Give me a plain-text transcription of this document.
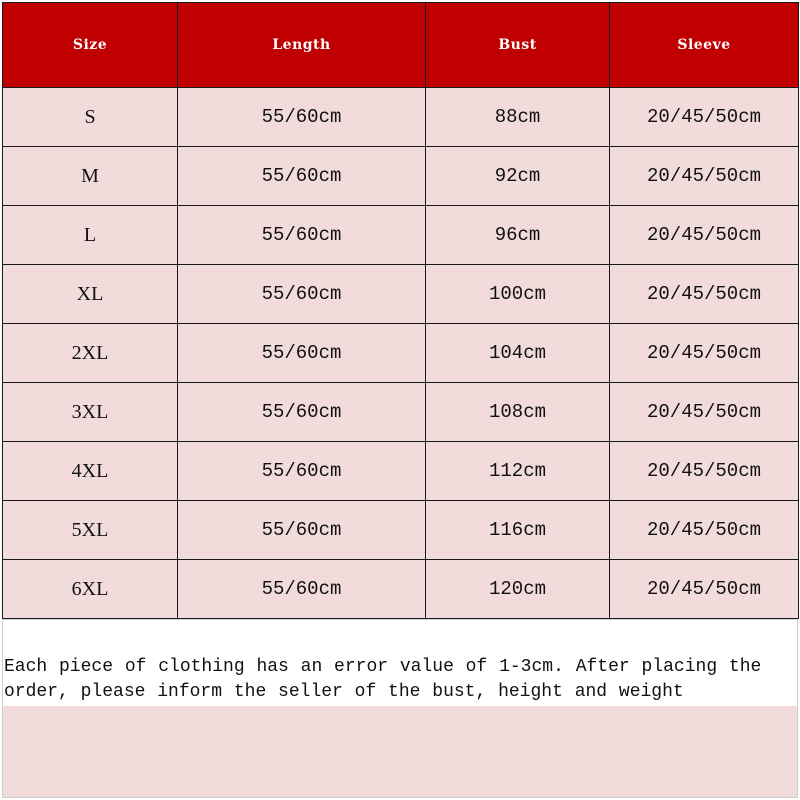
Size	Length	Bust	Sleeve
S	55/60cm	88cm	20/45/50cm
M	55/60cm	92cm	20/45/50cm
L	55/60cm	96cm	20/45/50cm
XL	55/60cm	100cm	20/45/50cm
2XL	55/60cm	104cm	20/45/50cm
3XL	55/60cm	108cm	20/45/50cm
4XL	55/60cm	112cm	20/45/50cm
5XL	55/60cm	116cm	20/45/50cm
6XL	55/60cm	120cm	20/45/50cm

Each piece of clothing has an error value of 1-3cm. After placing the order, please inform the seller of the bust, height and weight
